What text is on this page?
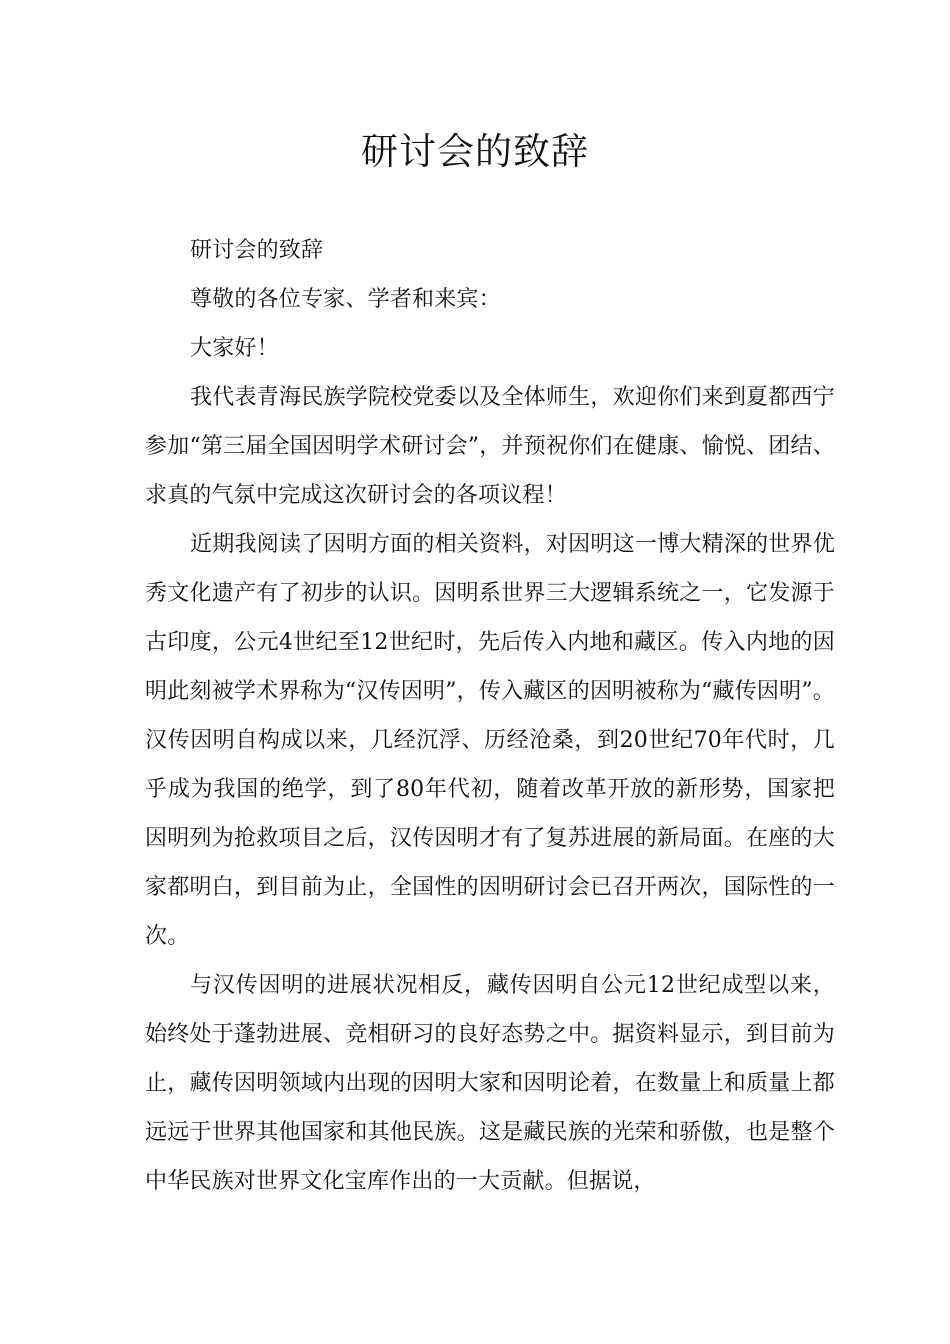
研讨会的致辞

研讨会的致辞

尊敬的各位专家、学者和来宾：

大家好！

我代表青海民族学院校党委以及全体师生，欢迎你们来到夏都西宁参加“第三届全国因明学术研讨会”，并预祝你们在健康、愉悦、团结、求真的气氛中完成这次研讨会的各项议程！

近期我阅读了因明方面的相关资料，对因明这一博大精深的世界优秀文化遗产有了初步的认识。因明系世界三大逻辑系统之一，它发源于古印度，公元4世纪至12世纪时，先后传入内地和藏区。传入内地的因明此刻被学术界称为“汉传因明”，传入藏区的因明被称为“藏传因明”。汉传因明自构成以来，几经沉浮、历经沧桑，到20世纪70年代时，几乎成为我国的绝学，到了80年代初，随着改革开放的新形势，国家把因明列为抢救项目之后，汉传因明才有了复苏进展的新局面。在座的大家都明白，到目前为止，全国性的因明研讨会已召开两次，国际性的一次。

与汉传因明的进展状况相反，藏传因明自公元12世纪成型以来，始终处于蓬勃进展、竞相研习的良好态势之中。据资料显示，到目前为止，藏传因明领域内出现的因明大家和因明论着，在数量上和质量上都远远于世界其他国家和其他民族。这是藏民族的光荣和骄傲，也是整个中华民族对世界文化宝库作出的一大贡献。但据说，
